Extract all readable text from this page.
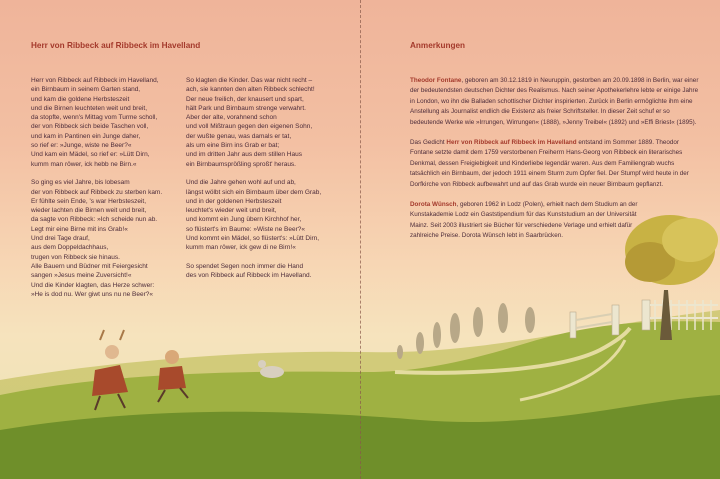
Herr von Ribbeck auf Ribbeck im Havelland
Herr von Ribbeck auf Ribbeck im Havelland,
ein Birnbaum in seinem Garten stand,
und kam die goldene Herbsteszeit
und die Birnen leuchteten weit und breit,
da stopfte, wenn's Mittag vom Turme scholl,
der von Ribbeck sich beide Taschen voll,
und kam in Pantinen ein Junge daher,
so rief er: »Junge, wiste ne Beer?«
Und kam ein Mädel, so rief er: »Lütt Dirn,
kumm man röwer, ick hebb ne Birn.«
So ging es viel Jahre, bis lobesam
der von Ribbeck auf Ribbeck zu sterben kam.
Er fühlte sein Ende, 's war Herbsteszeit,
wieder lachten die Birnen weit und breit,
da sagte von Ribbeck: »Ich scheide nun ab.
Legt mir eine Birne mit ins Grab!«
Und drei Tage drauf,
aus dem Doppeldachhaus,
trugen von Ribbeck sie hinaus.
Alle Bauern und Büdner mit Feiergesicht
sangen »Jesus meine Zuversicht!«
Und die Kinder klagten, das Herze schwer:
»He is dod nu. Wer giwt uns nu ne Beer?«
So klagten die Kinder. Das war nicht recht –
ach, sie kannten den alten Ribbeck schlecht!
Der neue freilich, der knausert und spart,
hält Park und Birnbaum strenge verwahrt.
Aber der alte, vorahnend schon
und voll Mißtraun gegen den eigenen Sohn,
der wußte genau, was damals er tat,
als um eine Birn ins Grab er bat;
und im dritten Jahr aus dem stillen Haus
ein Birnbaumsprößling sproßt' heraus.
Und die Jahre gehen wohl auf und ab,
längst wölbt sich ein Birnbaum über dem Grab,
und in der goldenen Herbsteszeit
leuchtet's wieder weit und breit,
und kommt ein Jung übern Kirchhof her,
so flüstert's im Baume: »Wiste ne Beer?«
Und kommt ein Mädel, so flüstert's: »Lütt Dirn,
kumm man röwer, ick gew di ne Birn!«
So spendet Segen noch immer die Hand
des von Ribbeck auf Ribbeck im Havelland.
Anmerkungen

Theodor Fontane, geboren am 30.12.1819 in Neuruppin, gestorben am 20.09.1898 in Berlin, war einer der bedeutendsten deutschen Dichter des Realismus. Nach seiner Apothekerlehre lebte er einige Jahre in London, wo ihn die Balladen schottischer Dichter inspirierten. Zurück in Berlin ermöglichte ihm eine Anstellung als Journalist endlich die Existenz als freier Schriftsteller. In dieser Zeit schuf er so bedeutende Werke wie »Irrungen, Wirrungen« (1888), »Jenny Treibel« (1892) und »Effi Briest« (1895).

Das Gedicht Herr von Ribbeck auf Ribbeck im Havelland entstand im Sommer 1889. Theodor Fontane setzte damit dem 1759 verstorbenen Freiherrn Hans-Georg von Ribbeck ein literarisches Denkmal, dessen Freigiebigkeit und Kinderliebe legendär waren. Aus dem Familiengrab wuchs tatsächlich ein Birnbaum, der jedoch 1911 einem Sturm zum Opfer fiel. Der Stumpf wird heute in der Dorfkirche von Ribbeck aufbewahrt und auf das Grab wurde ein neuer Birnbaum gepflanzt.

Dorota Wünsch, geboren 1962 in Lodz (Polen), erhielt nach dem Studium an der Kunstakademie Lodz ein Gaststipendium für das Kunststudium an der Universität Mainz. Seit 2003 illustriert sie Bücher für verschiedene Verlage und erhielt dafür zahlreiche Preise. Dorota Wünsch lebt in Saarbrücken.
